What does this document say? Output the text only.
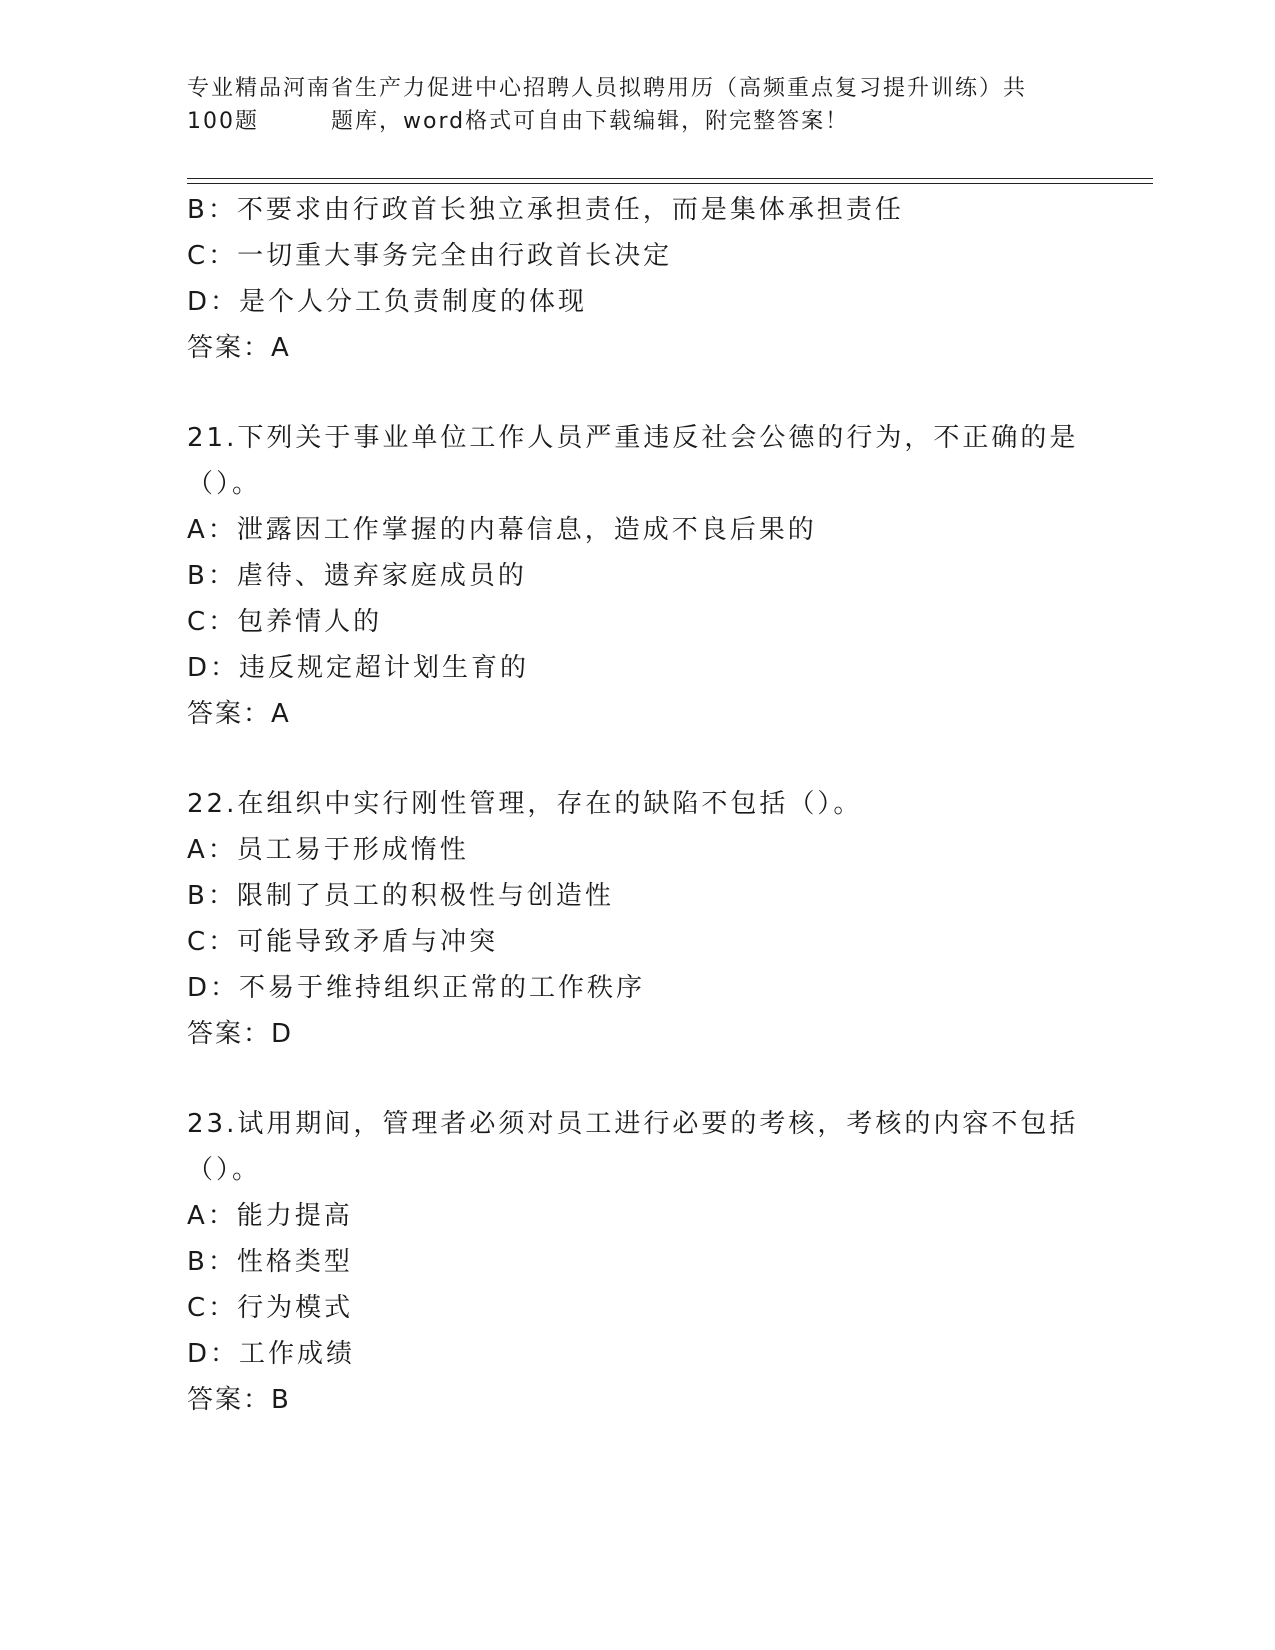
专业精品河南省生产力促进中心招聘人员拟聘用历（高频重点复习提升训练）共
100题	题库，word格式可自由下载编辑，附完整答案！
B：不要求由行政首长独立承担责任，而是集体承担责任
C：一切重大事务完全由行政首长决定
D：是个人分工负责制度的体现
答案：A
21.下列关于事业单位工作人员严重违反社会公德的行为，不正确的是
（）。
A：泄露因工作掌握的内幕信息，造成不良后果的
B：虐待、遗弃家庭成员的
C：包养情人的
D：违反规定超计划生育的
答案：A
22.在组织中实行刚性管理，存在的缺陷不包括（）。
A：员工易于形成惰性
B：限制了员工的积极性与创造性
C：可能导致矛盾与冲突
D：不易于维持组织正常的工作秩序
答案：D
23.试用期间，管理者必须对员工进行必要的考核，考核的内容不包括
（）。
A：能力提高
B：性格类型
C：行为模式
D：工作成绩
答案：B
